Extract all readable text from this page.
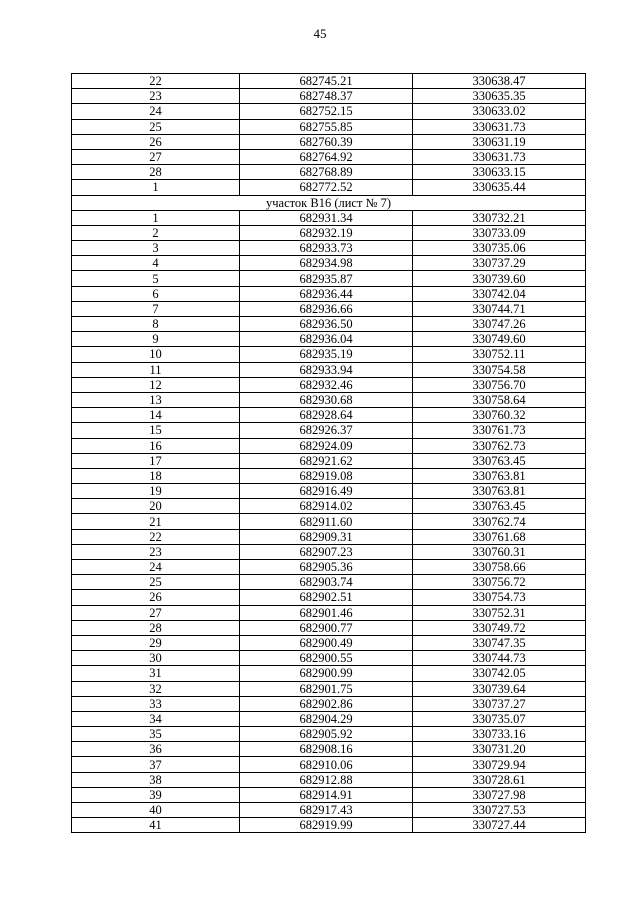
45
22	682745.21	330638.47
23	682748.37	330635.35
24	682752.15	330633.02
25	682755.85	330631.73
26	682760.39	330631.19
27	682764.92	330631.73
28	682768.89	330633.15
1	682772.52	330635.44
участок В16 (лист № 7)		
1	682931.34	330732.21
2	682932.19	330733.09
3	682933.73	330735.06
4	682934.98	330737.29
5	682935.87	330739.60
6	682936.44	330742.04
7	682936.66	330744.71
8	682936.50	330747.26
9	682936.04	330749.60
10	682935.19	330752.11
11	682933.94	330754.58
12	682932.46	330756.70
13	682930.68	330758.64
14	682928.64	330760.32
15	682926.37	330761.73
16	682924.09	330762.73
17	682921.62	330763.45
18	682919.08	330763.81
19	682916.49	330763.81
20	682914.02	330763.45
21	682911.60	330762.74
22	682909.31	330761.68
23	682907.23	330760.31
24	682905.36	330758.66
25	682903.74	330756.72
26	682902.51	330754.73
27	682901.46	330752.31
28	682900.77	330749.72
29	682900.49	330747.35
30	682900.55	330744.73
31	682900.99	330742.05
32	682901.75	330739.64
33	682902.86	330737.27
34	682904.29	330735.07
35	682905.92	330733.16
36	682908.16	330731.20
37	682910.06	330729.94
38	682912.88	330728.61
39	682914.91	330727.98
40	682917.43	330727.53
41	682919.99	330727.44
